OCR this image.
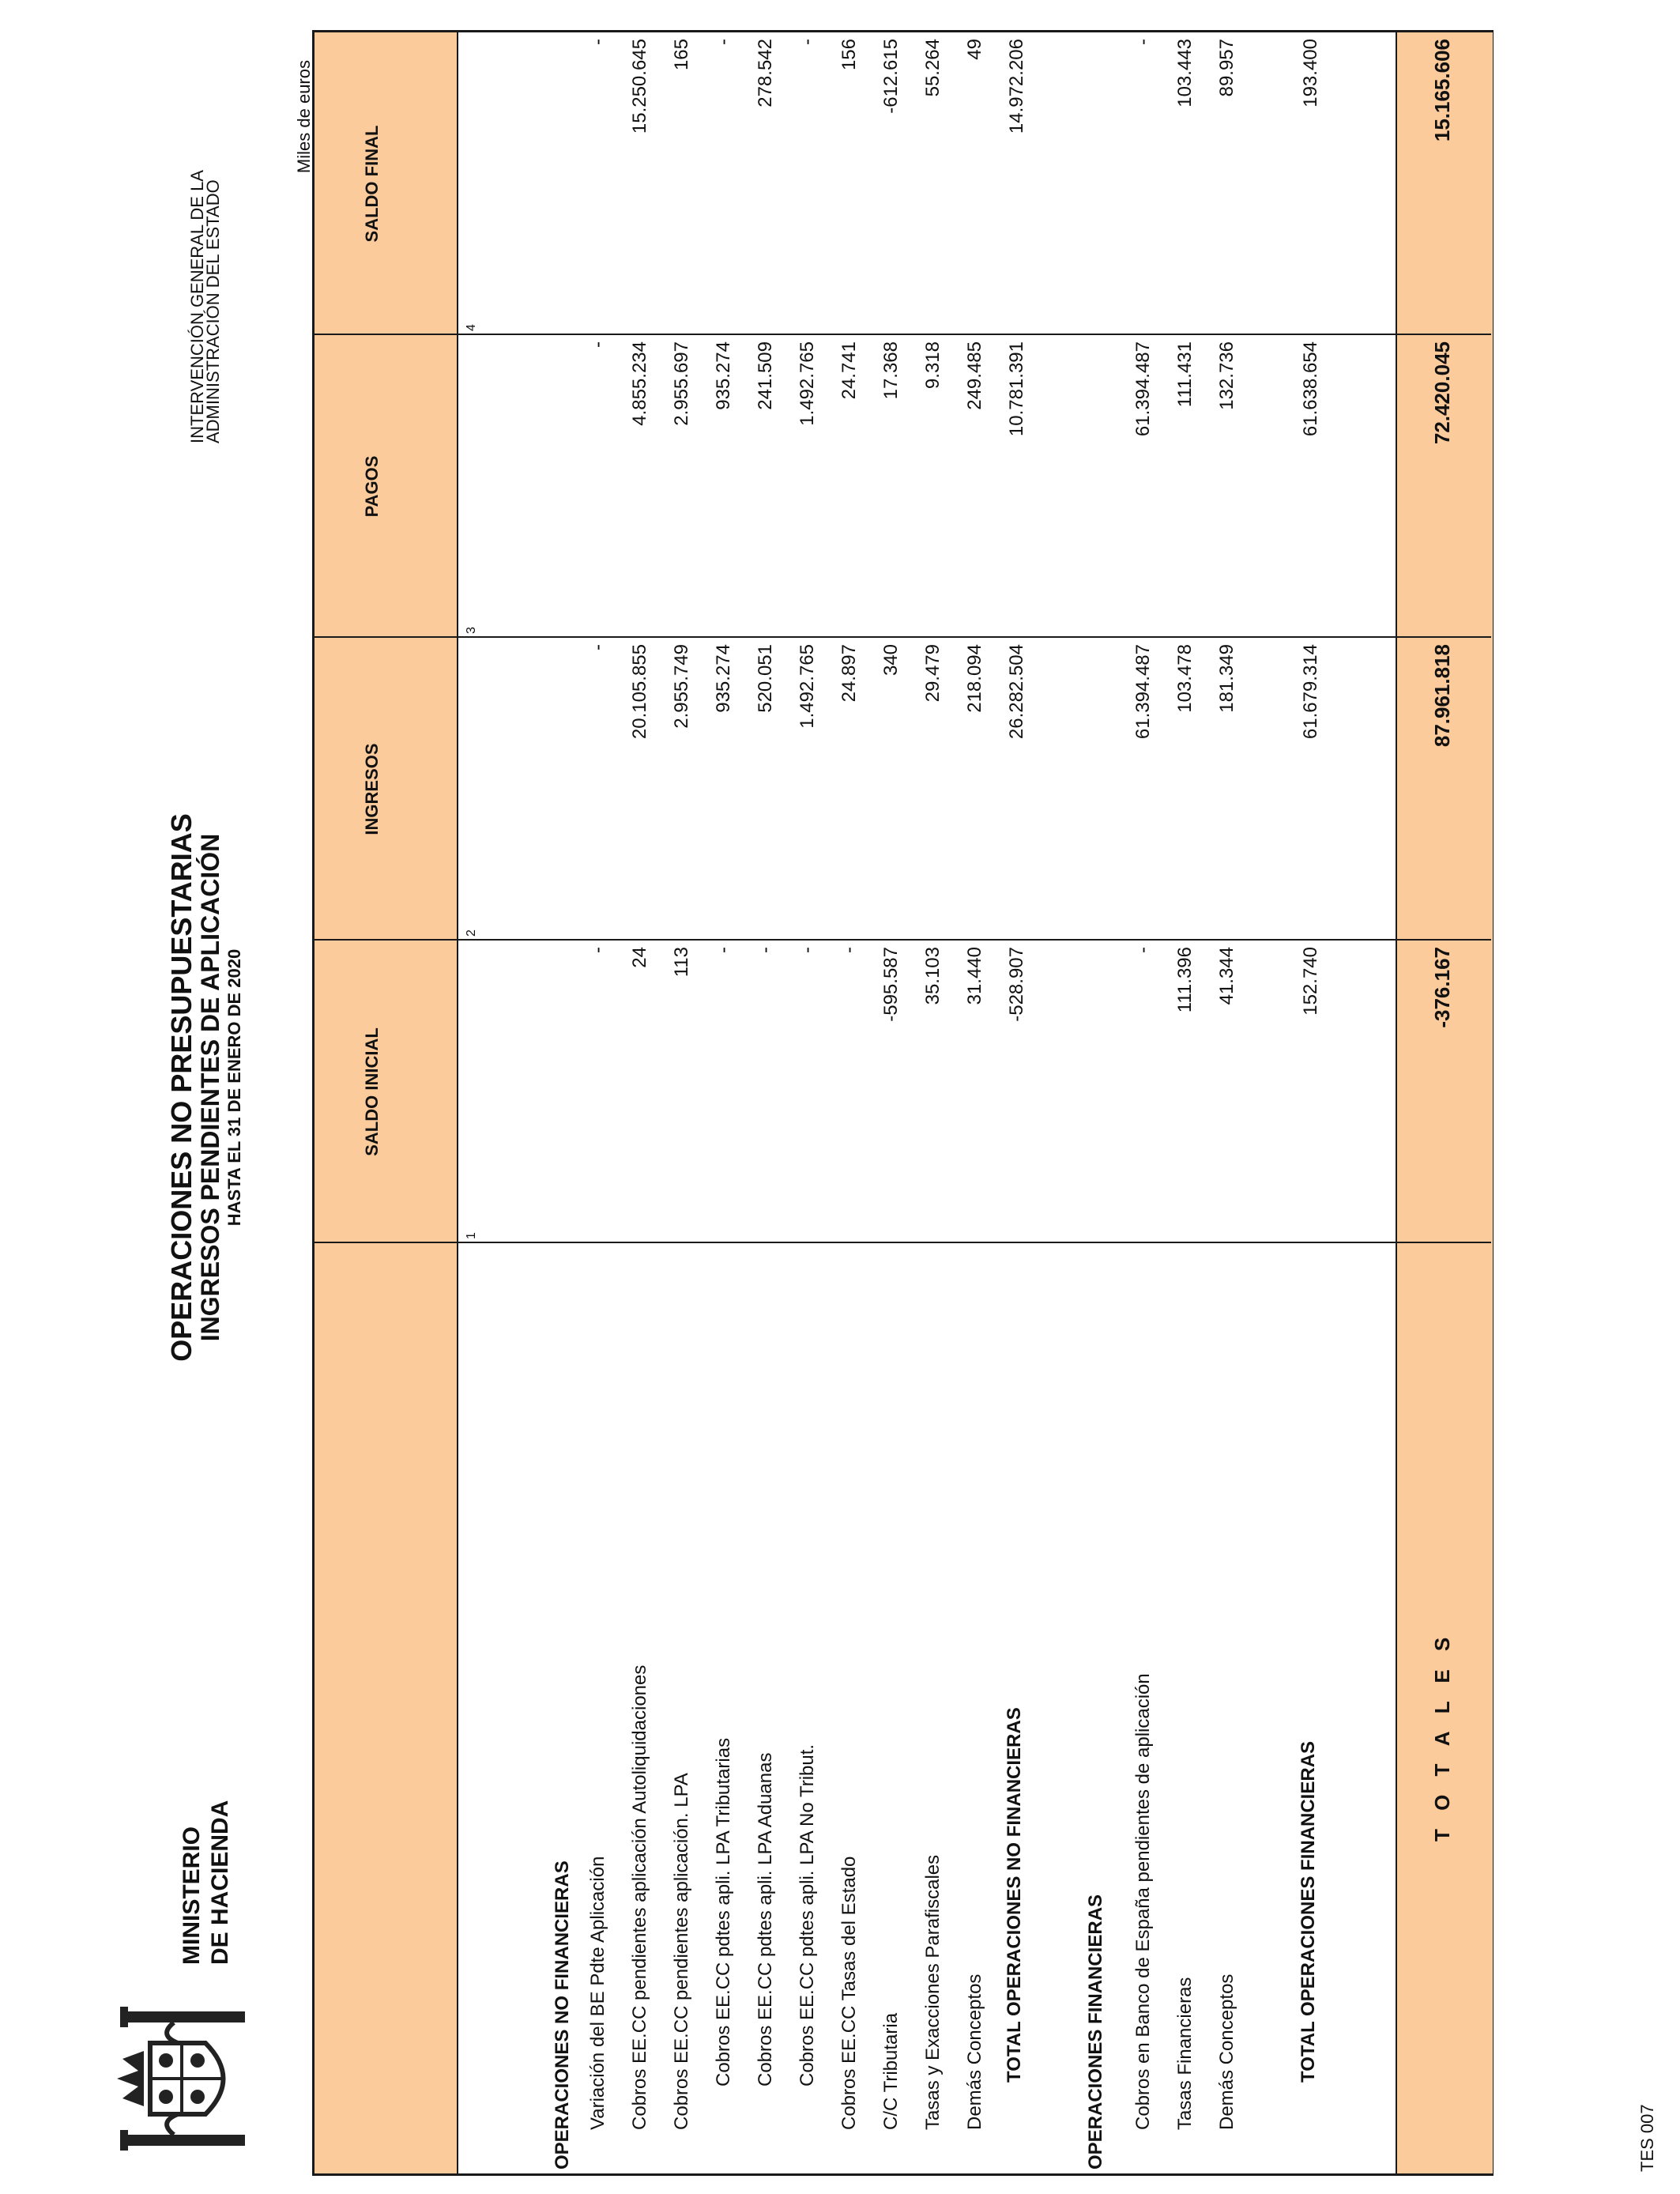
MINISTERIO DE HACIENDA
OPERACIONES NO PRESUPUESTARIAS
INGRESOS PENDIENTES DE APLICACIÓN HASTA EL 31 DE ENERO DE 2020
INTERVENCIÓN GENERAL DE LA
ADMINISTRACIÓN DEL ESTADO
Miles de euros
TES 007
SALDO INICIAL
INGRESOS
PAGOS
SALDO FINAL
1
2
3
4
OPERACIONES NO FINANCIERAS Variación del BE Pdte Aplicación
-
-
-
-
Cobros EE.CC pendientes aplicación Autoliquidaciones
24
20.105.855
4.855.234
15.250.645
Cobros EE.CC pendientes aplicación. LPA
113
2.955.749
2.955.697
165
Cobros EE.CC pdtes apli. LPA Tributarias
-
935.274
935.274
-
Cobros EE.CC pdtes apli. LPA Aduanas
-
520.051
241.509
278.542
Cobros EE.CC pdtes apli. LPA No Tribut.
-
1.492.765
1.492.765
-
Cobros EE.CC Tasas del Estado
-
24.897
24.741
156
C/C Tributaria
-595.587
340
17.368
-612.615
Tasas y Exacciones Parafiscales
35.103
29.479
9.318
55.264
Demás Conceptos
31.440
218.094
249.485
49
TOTAL OPERACIONES NO FINANCIERAS
-528.907
26.282.504
10.781.391
14.972.206
OPERACIONES FINANCIERAS Cobros en Banco de España pendientes de aplicación
-
61.394.487
61.394.487
-
Tasas Financieras
111.396
103.478
111.431
103.443
Demás Conceptos
41.344
181.349
132.736
89.957
TOTAL OPERACIONES FINANCIERAS
152.740
61.679.314
61.638.654
193.400
T O T A L E S
-376.167
87.961.818
72.420.045
15.165.606
